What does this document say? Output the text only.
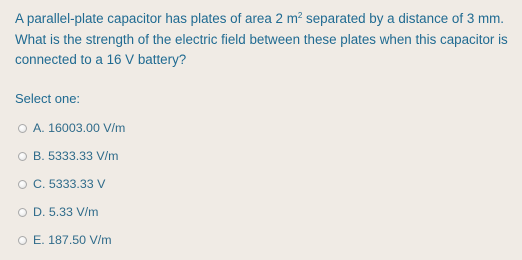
A parallel-plate capacitor has plates of area 2 $m^2$ separated by a distance of 3 mm. What is the strength of the electric field between these plates when this capacitor is connected to a 16 V battery?
Select one:
A. 16003.00 V/m
B. 5333.33 V/m
C. 5333.33 V
D. 5.33 V/m
E. 187.50 V/m
